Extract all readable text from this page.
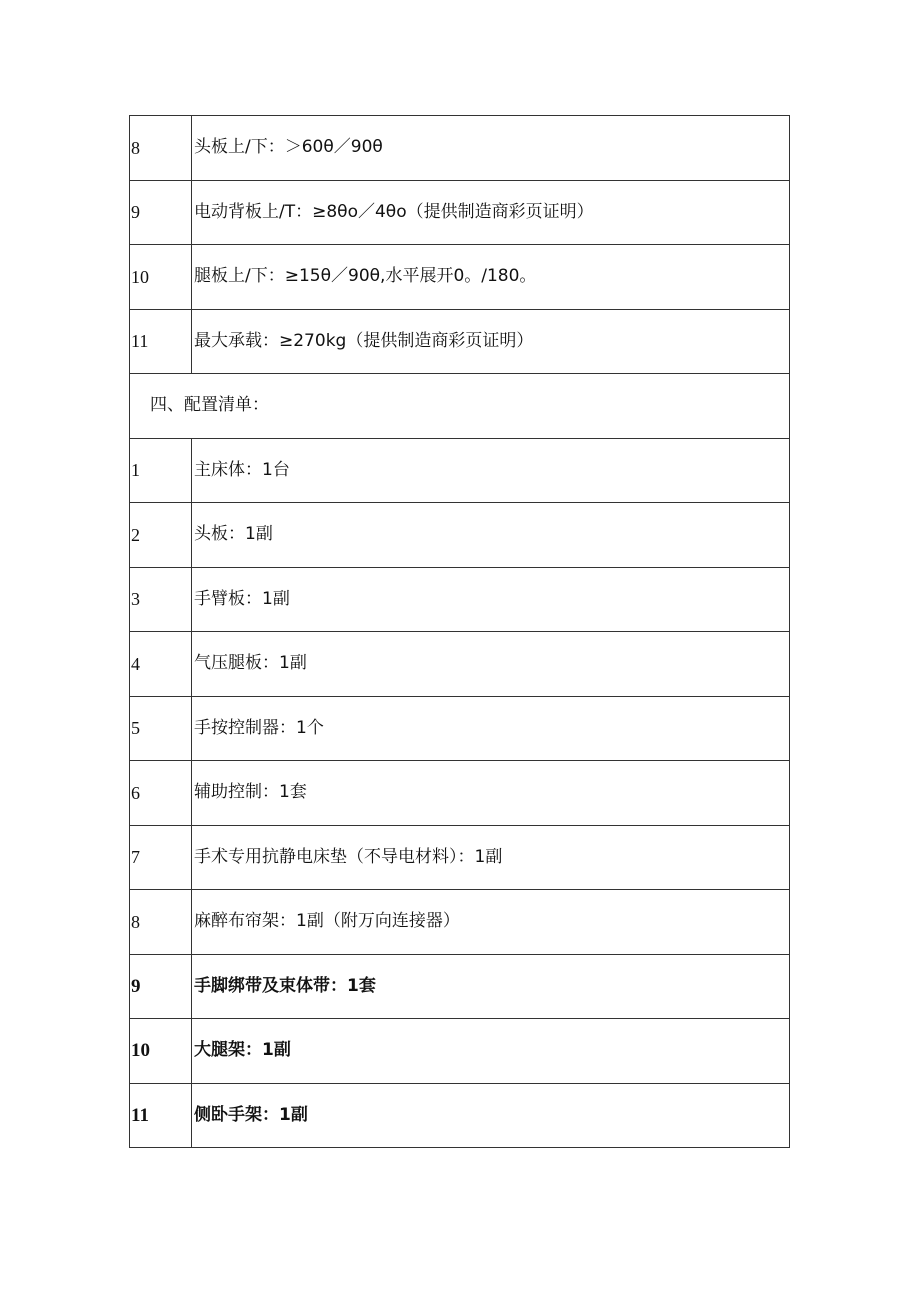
8	头板上/下：＞60θ／90θ
9	电动背板上/T：≥8θo／4θo（提供制造商彩页证明）
10	腿板上/下：≥15θ／90θ,水平展开0。/180。
11	最大承载：≥270kg（提供制造商彩页证明）
四、配置清单：	
1	主床体：1台
2	头板：1副
3	手臂板：1副
4	气压腿板：1副
5	手按控制器：1个
6	辅助控制：1套
7	手术专用抗静电床垫（不导电材料）：1副
8	麻醉布帘架：1副（附万向连接器）
9	手脚绑带及束体带：1套
10	大腿架：1副
11	侧卧手架：1副
